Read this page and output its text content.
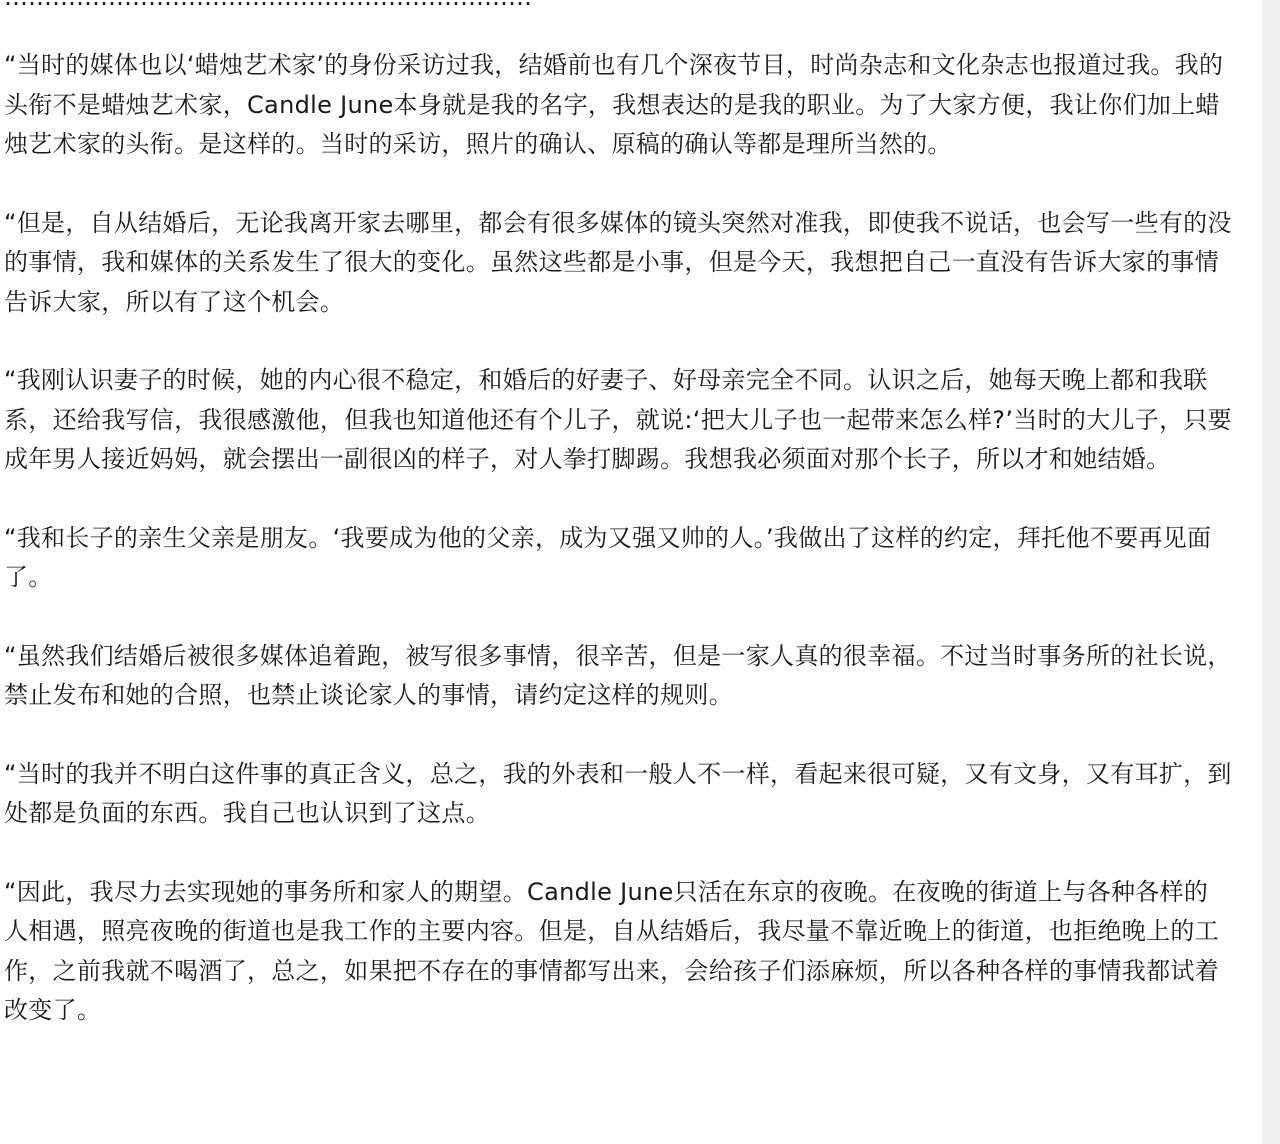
“当时的媒体也以‘蜡烛艺术家’的身份采访过我，结婚前也有几个深夜节目，时尚杂志和文化杂志也报道过我。我的头衔不是蜡烛艺术家，Candle June本身就是我的名字，我想表达的是我的职业。为了大家方便，我让你们加上蜡烛艺术家的头衔。是这样的。当时的采访，照片的确认、原稿的确认等都是理所当然的。

“但是，自从结婚后，无论我离开家去哪里，都会有很多媒体的镜头突然对准我，即使我不说话，也会写一些有的没的事情，我和媒体的关系发生了很大的变化。虽然这些都是小事，但是今天，我想把自己一直没有告诉大家的事情告诉大家，所以有了这个机会。

“我刚认识妻子的时候，她的内心很不稳定，和婚后的好妻子、好母亲完全不同。认识之后，她每天晚上都和我联系，还给我写信，我很感激他，但我也知道他还有个儿子，就说:‘把大儿子也一起带来怎么样?’当时的大儿子，只要成年男人接近妈妈，就会摆出一副很凶的样子，对人拳打脚踢。我想我必须面对那个长子，所以才和她结婚。

“我和长子的亲生父亲是朋友。‘我要成为他的父亲，成为又强又帅的人。’我做出了这样的约定，拜托他不要再见面了。

“虽然我们结婚后被很多媒体追着跑，被写很多事情，很辛苦，但是一家人真的很幸福。不过当时事务所的社长说，禁止发布和她的合照，也禁止谈论家人的事情，请约定这样的规则。

“当时的我并不明白这件事的真正含义，总之，我的外表和一般人不一样，看起来很可疑，又有文身，又有耳扩，到处都是负面的东西。我自己也认识到了这点。

“因此，我尽力去实现她的事务所和家人的期望。Candle June只活在东京的夜晚。在夜晚的街道上与各种各样的人相遇，照亮夜晚的街道也是我工作的主要内容。但是，自从结婚后，我尽量不靠近晚上的街道，也拒绝晚上的工作，之前我就不喝酒了，总之，如果把不存在的事情都写出来，会给孩子们添麻烦，所以各种各样的事情我都试着改变了。
